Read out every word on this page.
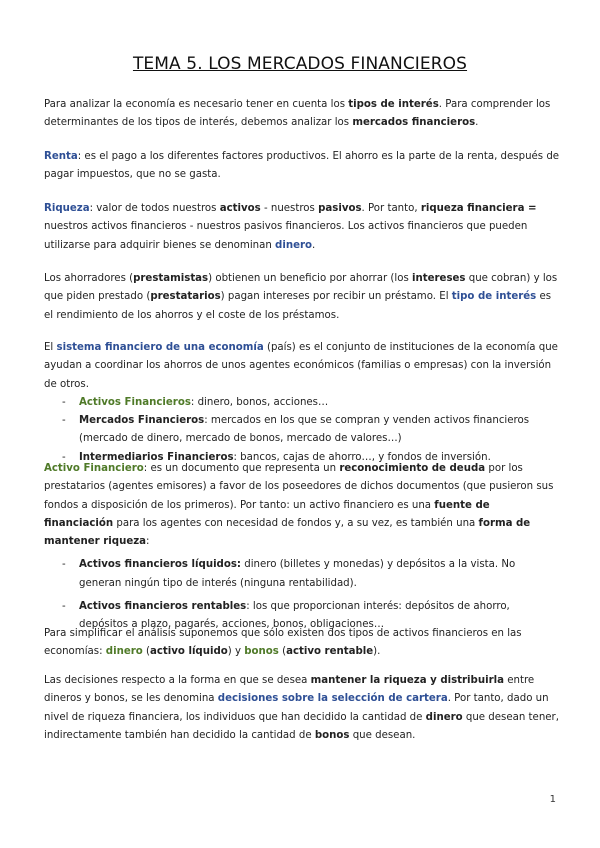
TEMA 5. LOS MERCADOS FINANCIEROS

Para analizar la economía es necesario tener en cuenta los tipos de interés. Para comprender los determinantes de los tipos de interés, debemos analizar los mercados financieros.

Renta: es el pago a los diferentes factores productivos. El ahorro es la parte de la renta, después de pagar impuestos, que no se gasta.

Riqueza: valor de todos nuestros activos - nuestros pasivos. Por tanto, riqueza financiera = nuestros activos financieros - nuestros pasivos financieros. Los activos financieros que pueden utilizarse para adquirir bienes se denominan dinero.

Los ahorradores (prestamistas) obtienen un beneficio por ahorrar (los intereses que cobran) y los que piden prestado (prestatarios) pagan intereses por recibir un préstamo. El tipo de interés es el rendimiento de los ahorros y el coste de los préstamos.

El sistema financiero de una economía (país) es el conjunto de instituciones de la economía que ayudan a coordinar los ahorros de unos agentes económicos (familias o empresas) con la inversión de otros.

- Activos Financieros: dinero, bonos, acciones…
- Mercados Financieros: mercados en los que se compran y venden activos financieros (mercado de dinero, mercado de bonos, mercado de valores…)
- Intermediarios Financieros: bancos, cajas de ahorro…, y fondos de inversión.

Activo Financiero: es un documento que representa un reconocimiento de deuda por los prestatarios (agentes emisores) a favor de los poseedores de dichos documentos (que pusieron sus fondos a disposición de los primeros). Por tanto: un activo financiero es una fuente de financiación para los agentes con necesidad de fondos y, a su vez, es también una forma de mantener riqueza:

- Activos financieros líquidos: dinero (billetes y monedas) y depósitos a la vista. No generan ningún tipo de interés (ninguna rentabilidad).
- Activos financieros rentables: los que proporcionan interés: depósitos de ahorro, depósitos a plazo, pagarés, acciones, bonos, obligaciones…

Para simplificar el análisis suponemos que sólo existen dos tipos de activos financieros en las economías: dinero (activo líquido) y bonos (activo rentable).

Las decisiones respecto a la forma en que se desea mantener la riqueza y distribuirla entre dineros y bonos, se les denomina decisiones sobre la selección de cartera. Por tanto, dado un nivel de riqueza financiera, los individuos que han decidido la cantidad de dinero que desean tener, indirectamente también han decidido la cantidad de bonos que desean.

1
